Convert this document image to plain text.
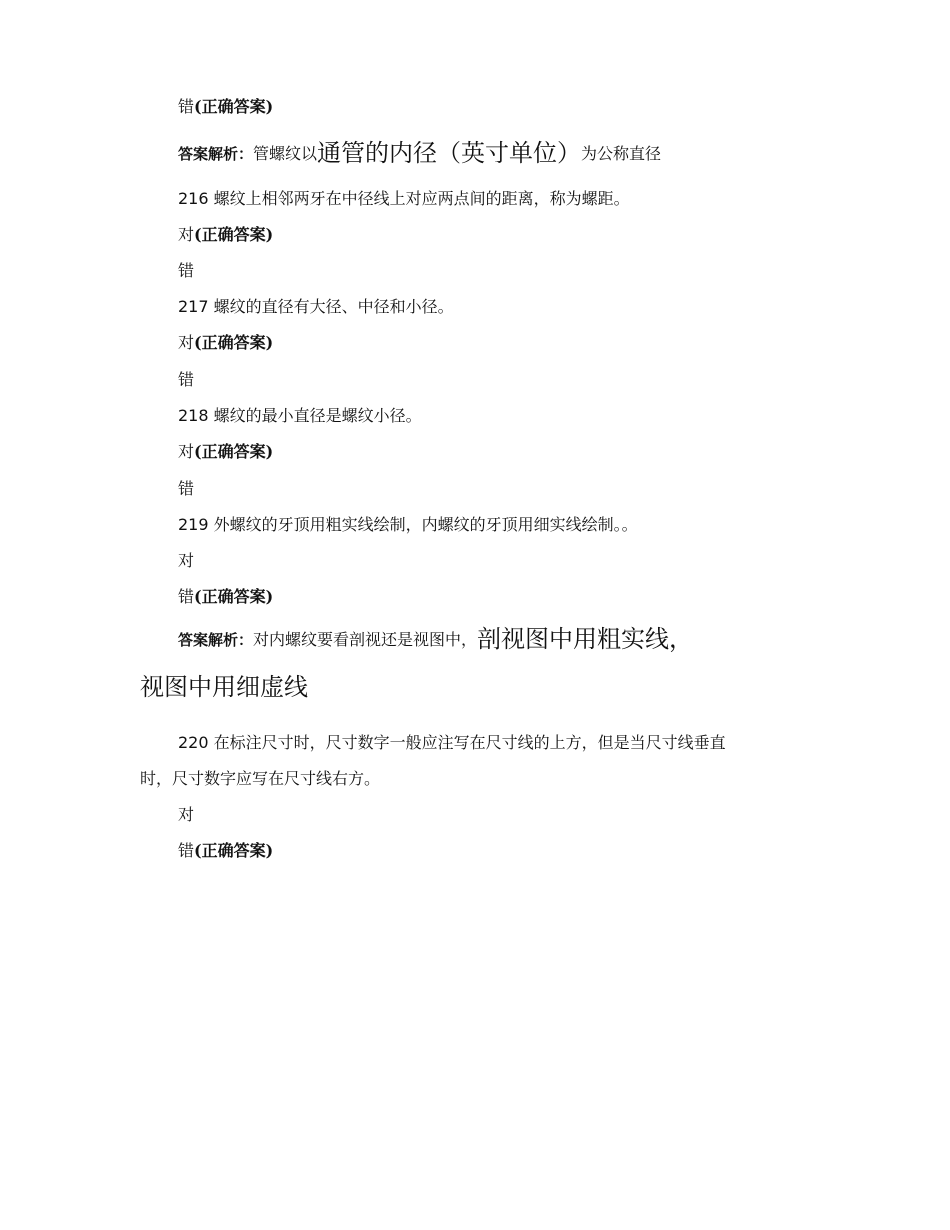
错(正确答案)
答案解析：管螺纹以通管的内径（英寸单位）为公称直径
216 螺纹上相邻两牙在中径线上对应两点间的距离，称为螺距。
对(正确答案)
错
217 螺纹的直径有大径、中径和小径。
对(正确答案)
错
218 螺纹的最小直径是螺纹小径。
对(正确答案)
错
219 外螺纹的牙顶用粗实线绘制，内螺纹的牙顶用细实线绘制。。
对
错(正确答案)
答案解析：对内螺纹要看剖视还是视图中，剖视图中用粗实线，
视图中用细虚线
220 在标注尺寸时，尺寸数字一般应注写在尺寸线的上方，但是当尺寸线垂直
时，尺寸数字应写在尺寸线右方。
对
错(正确答案)
